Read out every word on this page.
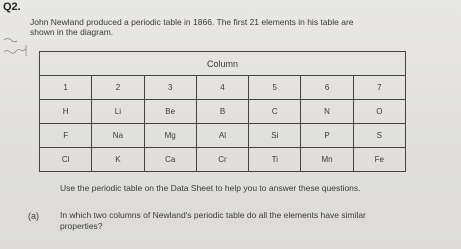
Q2.
John Newland produced a periodic table in 1866. The first 21 elements in his table are
shown in the diagram.
Column						
1	2	3	4	5	6	7
H	Li	Be	B	C	N	O
F	Na	Mg	Al	Si	P	S
Cl	K	Ca	Cr	Ti	Mn	Fe
Use the periodic table on the Data Sheet to help you to answer these questions.
(a) In which two columns of Newland's periodic table do all the elements have similar
properties?
